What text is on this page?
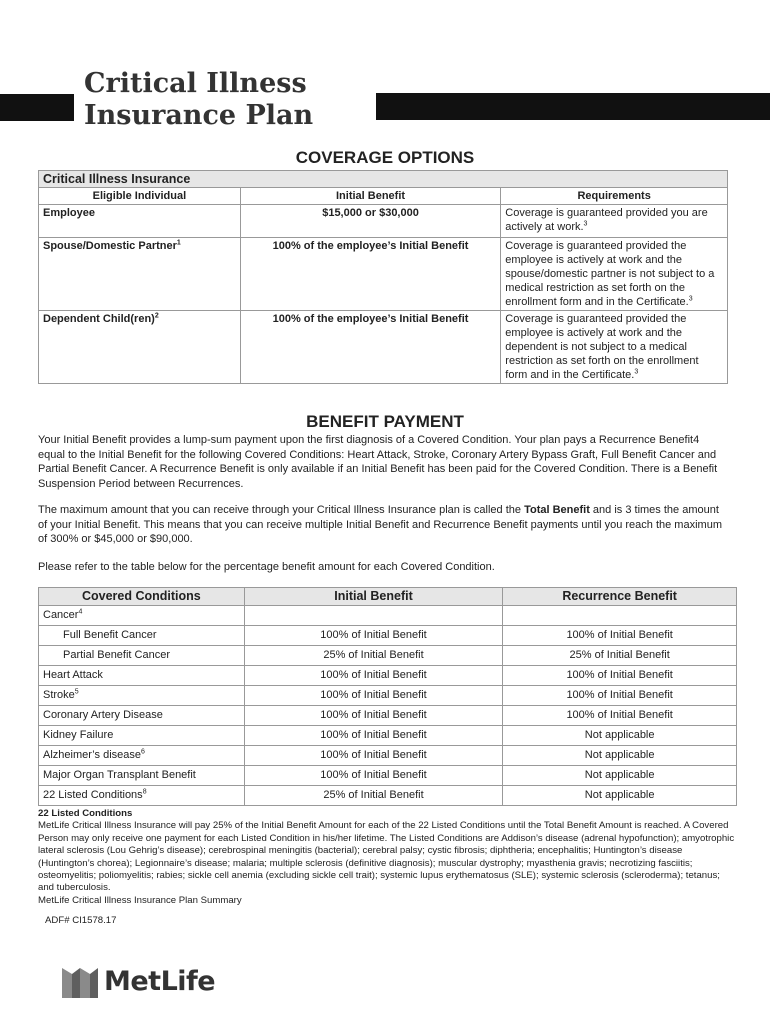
Critical Illness
Insurance Plan
COVERAGE OPTIONS
Critical Illness Insurance		
Eligible Individual	Initial Benefit	Requirements
Employee	$15,000 or $30,000	Coverage is guaranteed provided you are actively at work.$^3$
Spouse/Domestic Partner$^1$	100% of the employee’s Initial Benefit	Coverage is guaranteed provided the employee is actively at work and the spouse/domestic partner is not subject to a medical restriction as set forth on the enrollment form and in the Certificate.$^3$
Dependent Child(ren)$^2$	100% of the employee’s Initial Benefit	Coverage is guaranteed provided the employee is actively at work and the dependent is not subject to a medical restriction as set forth on the enrollment form and in the Certificate.$^3$
BENEFIT PAYMENT

Your Initial Benefit provides a lump-sum payment upon the first diagnosis of a Covered Condition. Your plan pays a Recurrence Benefit4 equal to the Initial Benefit for the following Covered Conditions: Heart Attack, Stroke, Coronary Artery Bypass Graft, Full Benefit Cancer and Partial Benefit Cancer. A Recurrence Benefit is only available if an Initial Benefit has been paid for the Covered Condition. There is a Benefit Suspension Period between Recurrences.

The maximum amount that you can receive through your Critical Illness Insurance plan is called the Total Benefit and is 3 times the amount of your Initial Benefit. This means that you can receive multiple Initial Benefit and Recurrence Benefit payments until you reach the maximum of 300% or $45,000 or $90,000.

Please refer to the table below for the percentage benefit amount for each Covered Condition.

Covered Conditions	Initial Benefit	Recurrence Benefit
Cancer$^4$		
Full Benefit Cancer	100% of Initial Benefit	100% of Initial Benefit
Partial Benefit Cancer	25% of Initial Benefit	25% of Initial Benefit
Heart Attack	100% of Initial Benefit	100% of Initial Benefit
Stroke$^5$	100% of Initial Benefit	100% of Initial Benefit
Coronary Artery Disease	100% of Initial Benefit	100% of Initial Benefit
Kidney Failure	100% of Initial Benefit	Not applicable
Alzheimer’s disease$^6$	100% of Initial Benefit	Not applicable
Major Organ Transplant Benefit	100% of Initial Benefit	Not applicable
22 Listed Conditions$^8$	25% of Initial Benefit	Not applicable
22 Listed Conditions
MetLife Critical Illness Insurance will pay 25% of the Initial Benefit Amount for each of the 22 Listed Conditions until the Total Benefit Amount is reached. A Covered Person may only receive one payment for each Listed Condition in his/her lifetime. The Listed Conditions are Addison’s disease (adrenal hypofunction); amyotrophic lateral sclerosis (Lou Gehrig’s disease); cerebrospinal meningitis (bacterial); cerebral palsy; cystic fibrosis; diphtheria; encephalitis; Huntington’s disease (Huntington’s chorea); Legionnaire’s disease; malaria; multiple sclerosis (definitive diagnosis); muscular dystrophy; myasthenia gravis; necrotizing fasciitis; osteomyelitis; poliomyelitis; rabies; sickle cell anemia (excluding sickle cell trait); systemic lupus erythematosus (SLE); systemic sclerosis (scleroderma); tetanus; and tuberculosis.
MetLife Critical Illness Insurance Plan Summary
ADF# CI1578.17
MetLife
